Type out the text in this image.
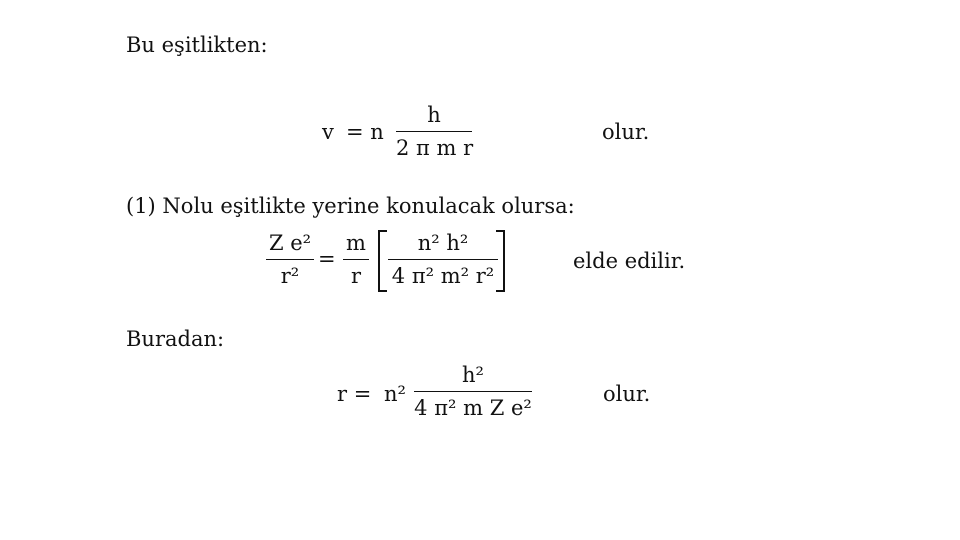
Bu eşitlikten:
v = n
h
2 π m r
olur.
(1) Nolu eşitlikte yerine konulacak olursa:
Z e²
r²
=
m
r
n² h²
4 π² m² r²
elde edilir.
Buradan:
r = n²
h²
4 π² m Z e²
olur.
